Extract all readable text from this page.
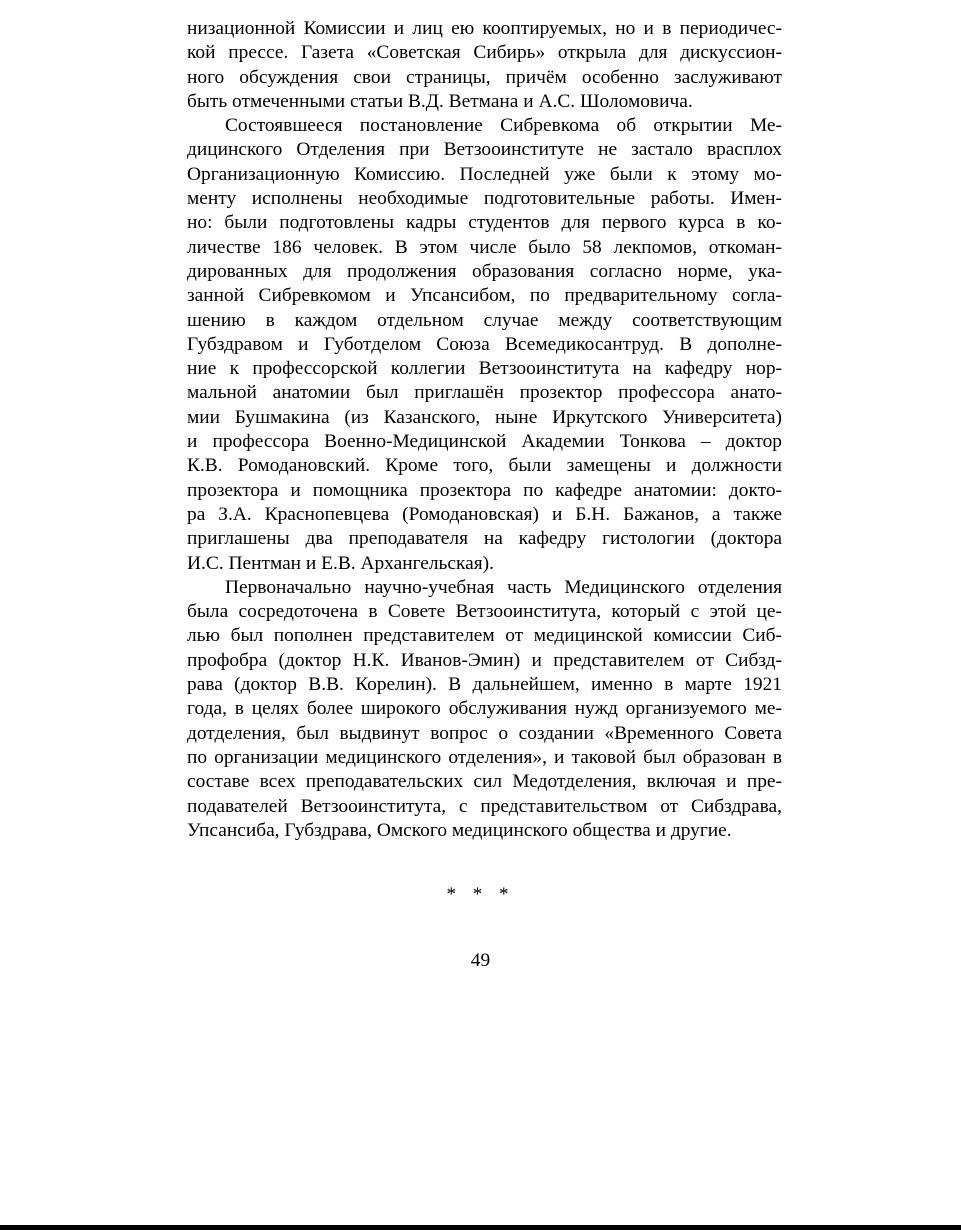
низационной Комиссии и лиц ею кооптируемых, но и в периодичес-
кой прессе. Газета «Советская Сибирь» открыла для дискуссион-
ного обсуждения свои страницы, причём особенно заслуживают
быть отмеченными статьи В.Д. Ветмана и А.С. Шоломовича.
Состоявшееся постановление Сибревкома об открытии Ме-
дицинского Отделения при Ветзооинституте не застало врасплох
Организационную Комиссию. Последней уже были к этому мо-
менту исполнены необходимые подготовительные работы. Имен-
но: были подготовлены кадры студентов для первого курса в ко-
личестве 186 человек. В этом числе было 58 лекпомов, откоман-
дированных для продолжения образования согласно норме, ука-
занной Сибревкомом и Упсансибом, по предварительному согла-
шению в каждом отдельном случае между соответствующим
Губздравом и Губотделом Союза Всемедикосантруд. В дополне-
ние к профессорской коллегии Ветзооинститута на кафедру нор-
мальной анатомии был приглашён прозектор профессора анато-
мии Бушмакина (из Казанского, ныне Иркутского Университета)
и профессора Военно-Медицинской Академии Тонкова – доктор
К.В. Ромодановский. Кроме того, были замещены и должности
прозектора и помощника прозектора по кафедре анатомии: докто-
ра З.А. Краснопевцева (Ромодановская) и Б.Н. Бажанов, а также
приглашены два преподавателя на кафедру гистологии (доктора
И.С. Пентман и Е.В. Архангельская).
Первоначально научно-учебная часть Медицинского отделения
была сосредоточена в Совете Ветзооинститута, который с этой це-
лью был пополнен представителем от медицинской комиссии Сиб-
профобра (доктор Н.К. Иванов-Эмин) и представителем от Сибзд-
рава (доктор В.В. Корелин). В дальнейшем, именно в марте 1921
года, в целях более широкого обслуживания нужд организуемого ме-
дотделения, был выдвинут вопрос о создании «Временного Совета
по организации медицинского отделения», и таковой был образован в
составе всех преподавательских сил Медотделения, включая и пре-
подавателей Ветзооинститута, с представительством от Сибздрава,
Упсансиба, Губздрава, Омского медицинского общества и другие.
* * *
49
